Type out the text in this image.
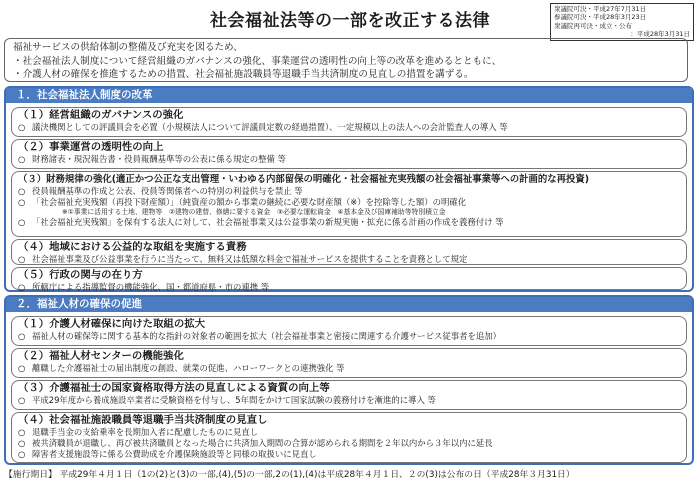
社会福祉法等の一部を改正する法律
衆議院可決・平成27年7月31日
参議院可決・平成28年3月23日
衆議院再可決・成立・公布
：平成28年3月31日
福祉サービスの供給体制の整備及び充実を図るため、
・社会福祉法人制度について経営組織のガバナンスの強化、事業運営の透明性の向上等の改革を進めるとともに、
・介護人材の確保を推進するための措置、社会福祉施設職員等退職手当共済制度の見直しの措置を講ずる。
１．社会福祉法人制度の改革
（１）経営組織のガバナンスの強化
○ 議決機関としての評議員会を必置（小規模法人について評議員定数の経過措置）、一定規模以上の法人への会計監査人の導入 等
（２）事業運営の透明性の向上
○ 財務諸表・現況報告書・役員報酬基準等の公表に係る規定の整備 等
（３）財務規律の強化(適正かつ公正な支出管理・いわゆる内部留保の明確化・社会福祉充実残額の社会福祉事業等への計画的な再投資)
○ 役員報酬基準の作成と公表、役員等関係者への特別の利益供与を禁止 等
○ 「社会福祉充実残額（再投下財産額）」（純資産の額から事業の継続に必要な財産額（※）を控除等した額）の明確化
※①事業に活用する土地、建物等　②建物の建替、修繕に要する資金　③必要な運転資金　④基本金及び国庫補助等特別積立金
○ 「社会福祉充実残額」を保有する法人に対して、社会福祉事業又は公益事業の新規実施・拡充に係る計画の作成を義務付け 等
（４）地域における公益的な取組を実施する責務
○ 社会福祉事業及び公益事業を行うに当たって、無料又は低額な料金で福祉サービスを提供することを責務として規定
（５）行政の関与の在り方
○ 所轄庁による指導監督の機能強化、国・都道府県・市の連携 等
２．福祉人材の確保の促進
（１）介護人材確保に向けた取組の拡大
○ 福祉人材の確保等に関する基本的な指針の対象者の範囲を拡大（社会福祉事業と密接に関連する介護サービス従事者を追加）
（２）福祉人材センターの機能強化
○ 離職した介護福祉士の届出制度の創設、就業の促進、ハローワークとの連携強化 等
（３）介護福祉士の国家資格取得方法の見直しによる資質の向上等
○ 平成29年度から養成施設卒業者に受験資格を付与し、5年間をかけて国家試験の義務付けを漸進的に導入 等
（４）社会福祉施設職員等退職手当共済制度の見直し
○ 退職手当金の支給乗率を長期加入者に配慮したものに見直し
○ 被共済職員が退職し、再び被共済職員となった場合に共済加入期間の合算が認められる期間を２年以内から３年以内に延長
○ 障害者支援施設等に係る公費助成を介護保険施設等と同様の取扱いに見直し
【施行期日】 平成29年４月１日（1の(2)と(3)の一部,(4),(5)の一部,2の(1),(4)は平成28年４月１日、２の(3)は公布の日（平成28年３月31日）
